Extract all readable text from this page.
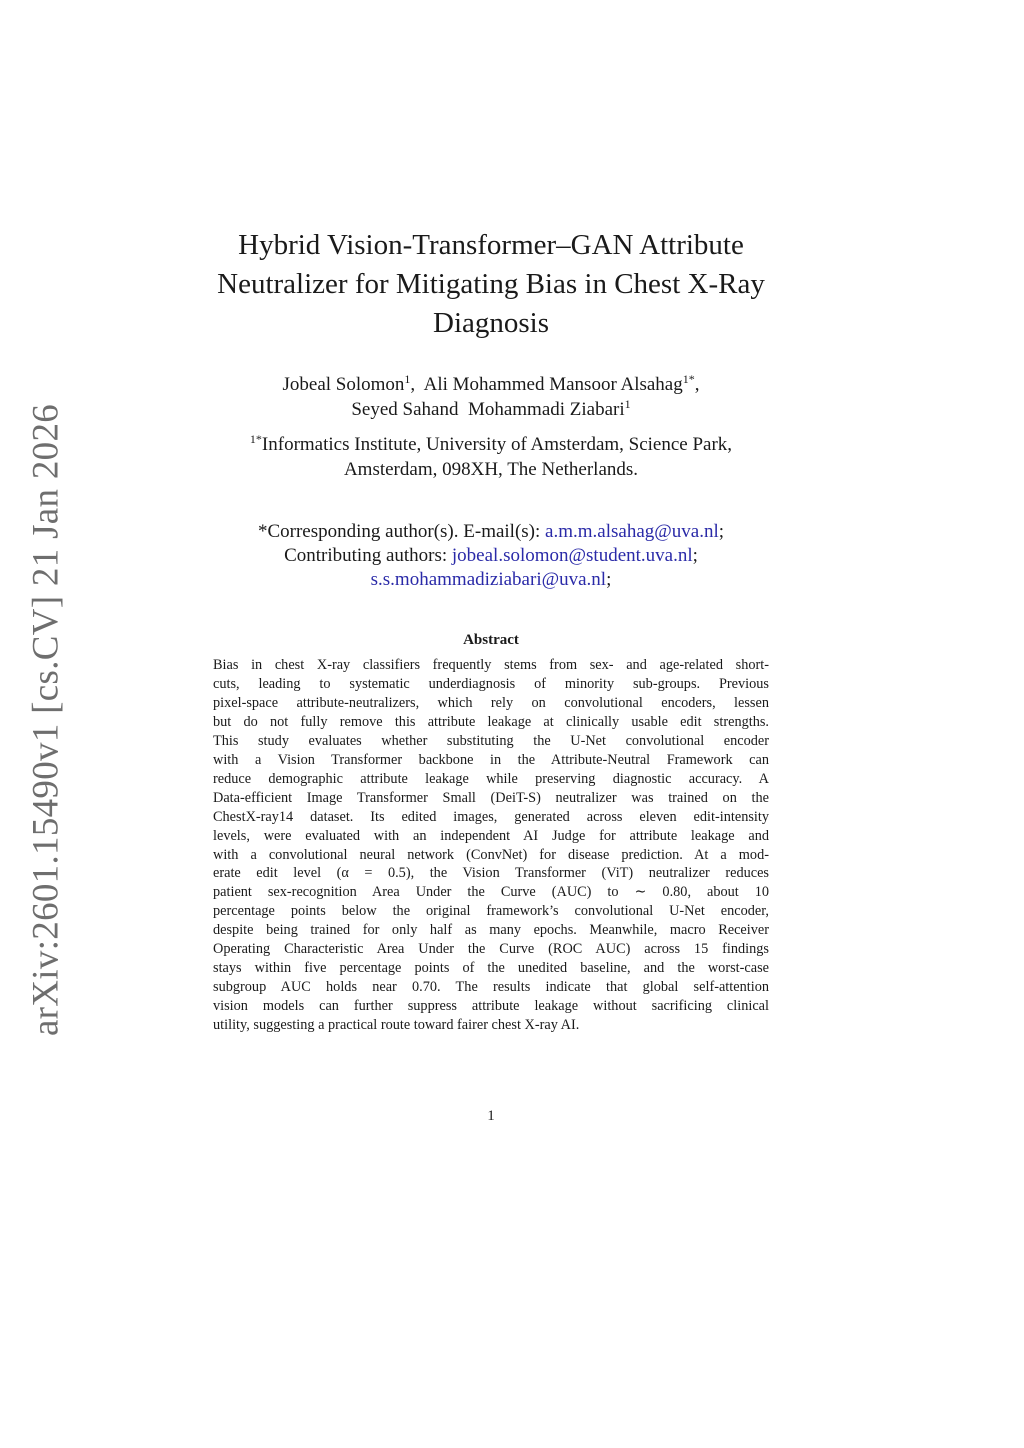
arXiv:2601.15490v1 [cs.CV] 21 Jan 2026
Hybrid Vision-Transformer–GAN Attribute
Neutralizer for Mitigating Bias in Chest X-Ray
Diagnosis
Jobeal Solomon$^1$,  Ali Mohammed Mansoor Alsahag$^{1*}$,
Seyed Sahand  Mohammadi Ziabari$^1$
$^{1*}$Informatics Institute, University of Amsterdam, Science Park,
Amsterdam, 098XH, The Netherlands.
*Corresponding author(s). E-mail(s): a.m.m.alsahag@uva.nl;
Contributing authors: jobeal.solomon@student.uva.nl;
s.s.mohammadiziabari@uva.nl;
Abstract
Bias in chest X-ray classifiers frequently stems from sex- and age-related short-
cuts, leading to systematic underdiagnosis of minority sub-groups. Previous
pixel-space attribute-neutralizers, which rely on convolutional encoders, lessen
but do not fully remove this attribute leakage at clinically usable edit strengths.
This study evaluates whether substituting the U-Net convolutional encoder
with a Vision Transformer backbone in the Attribute-Neutral Framework can
reduce demographic attribute leakage while preserving diagnostic accuracy. A
Data-efficient Image Transformer Small (DeiT-S) neutralizer was trained on the
ChestX-ray14 dataset. Its edited images, generated across eleven edit-intensity
levels, were evaluated with an independent AI Judge for attribute leakage and
with a convolutional neural network (ConvNet) for disease prediction. At a mod-
erate edit level (α = 0.5), the Vision Transformer (ViT) neutralizer reduces
patient sex-recognition Area Under the Curve (AUC) to ∼ 0.80, about 10
percentage points below the original framework’s convolutional U-Net encoder,
despite being trained for only half as many epochs. Meanwhile, macro Receiver
Operating Characteristic Area Under the Curve (ROC AUC) across 15 findings
stays within five percentage points of the unedited baseline, and the worst-case
subgroup AUC holds near 0.70. The results indicate that global self-attention
vision models can further suppress attribute leakage without sacrificing clinical
utility, suggesting a practical route toward fairer chest X-ray AI.
1
